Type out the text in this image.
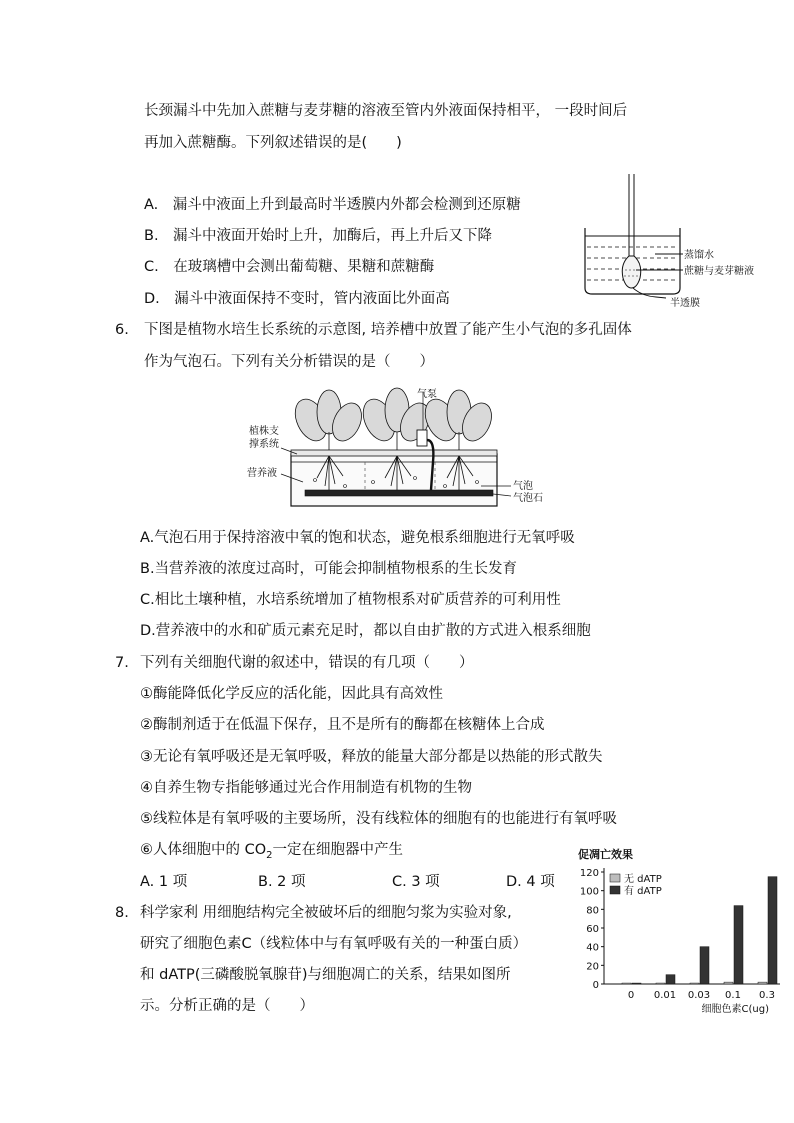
长颈漏斗中先加入蔗糖与麦芽糖的溶液至管内外液面保持相平， 一段时间后
再加入蔗糖酶。下列叙述错误的是(　　)
A.　漏斗中液面上升到最高时半透膜内外都会检测到还原糖
B.　漏斗中液面开始时上升，加酶后，再上升后又下降
C.　在玻璃槽中会测出葡萄糖、果糖和蔗糖酶
D.　漏斗中液面保持不变时，管内液面比外面高
蒸馏水
蔗糖与麦芽糖液
半透膜
6. 下图是植物水培生长系统的示意图, 培养槽中放置了能产生小气泡的多孔固体
作为气泡石。下列有关分析错误的是（　　）
气泵
植株支
撑系统
营养液
气泡
气泡石
A.气泡石用于保持溶液中氧的饱和状态，避免根系细胞进行无氧呼吸
B.当营养液的浓度过高时，可能会抑制植物根系的生长发育
C.相比土壤种植，水培系统增加了植物根系对矿质营养的可利用性
D.营养液中的水和矿质元素充足时，都以自由扩散的方式进入根系细胞
7. 下列有关细胞代谢的叙述中，错误的有几项（　　）
①酶能降低化学反应的活化能，因此具有高效性
②酶制剂适于在低温下保存，且不是所有的酶都在核糖体上合成
③无论有氧呼吸还是无氧呼吸，释放的能量大部分都是以热能的形式散失
④自养生物专指能够通过光合作用制造有机物的生物
⑤线粒体是有氧呼吸的主要场所，没有线粒体的细胞有的也能进行有氧呼吸
⑥人体细胞中的 $CO_2$一定在细胞器中产生
A. 1 项	B. 2 项	C. 3 项	D. 4 项
8. 科学家利 用细胞结构完全被破坏后的细胞匀浆为实验对象,
研究了细胞色素C（线粒体中与有氧呼吸有关的一种蛋白质）
和 dATP(三磷酸脱氧腺苷)与细胞凋亡的关系，结果如图所
示。分析正确的是（　　）
促凋亡效果
0
20
40
60
80
100
120
0 0.01 0.03 0.1 0.3
无 dATP
有 dATP
细胞色素C(ug)
